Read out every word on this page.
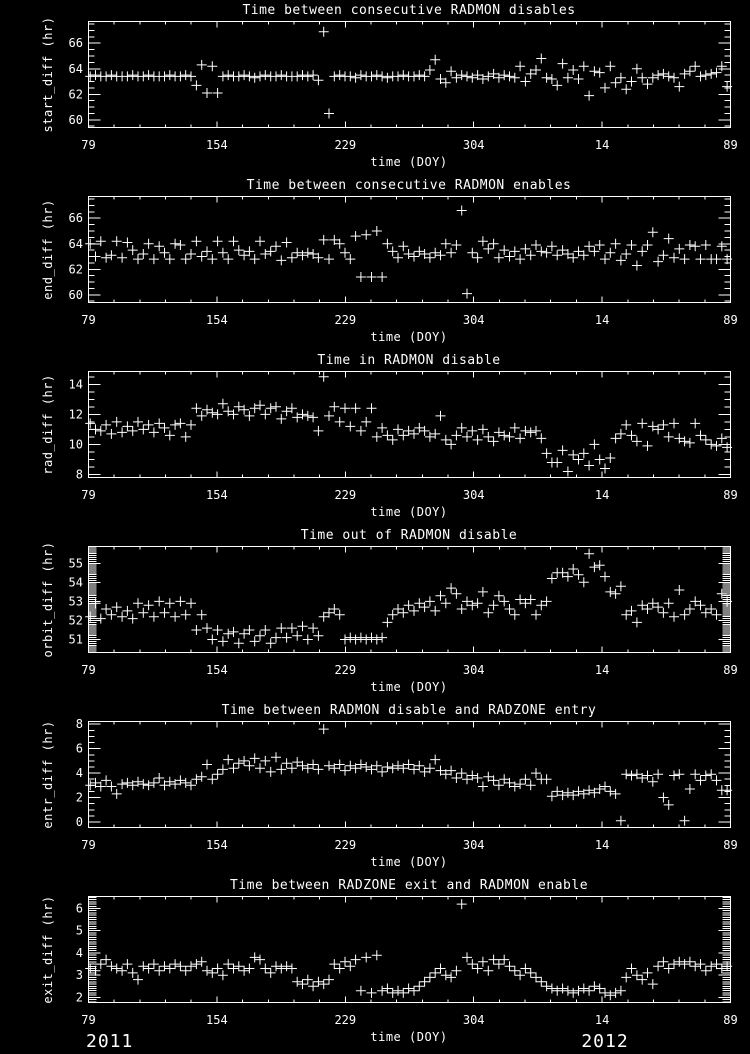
Time between consecutive RADMON disables
60
62
64
66
79	154	229	304	14	89
time (DOY)
start_diff (hr)
Time between consecutive RADMON enables
60
62
64
66
79	154	229	304	14	89
time (DOY)
end_diff (hr)
Time in RADMON disable
8
10
12
14
79	154	229	304	14	89
time (DOY)
rad_diff (hr)
Time out of RADMON disable
51
52
53
54
55
79	154	229	304	14	89
time (DOY)
orbit_diff (hr)
Time between RADMON disable and RADZONE entry
0
2
4
6
8
79	154	229	304	14	89
time (DOY)
entr_diff (hr)
Time between RADZONE exit and RADMON enable
2
3
4
5
6
79	154	229	304	14	89
time (DOY)
exit_diff (hr)
2011	2012
